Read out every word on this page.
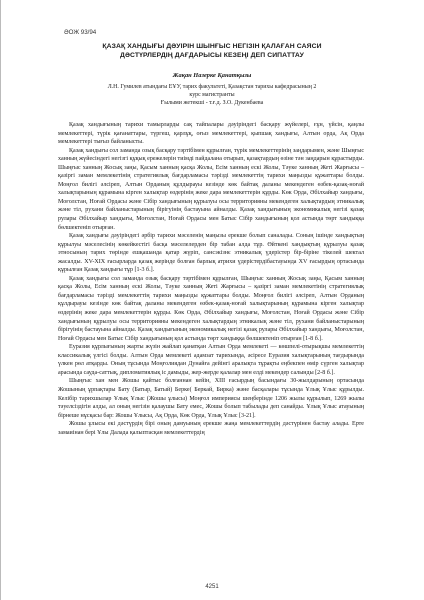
ӘОЖ 93/94
ҚАЗАҚ ХАНДЫҒЫ ДӘУІРІН ШЫНҒЫС НЕГІЗІН ҚАЛАҒАН САЯСИ
ДӘСТҮРЛЕРДІҢ ДАҒДАРЫСЫ КЕЗЕҢІ ДЕП СИПАТТАУ
Жақан Назерке Қанатқызы
Л.Н. Гумилев атындағы ЕҰУ, тарих факультеті, Қазақстан тарихы кафедрасының 2
курс магистранты
Ғылыми жетекші - т.ғ.д. З.О. Дукенбаева

Қазақ хандығының тарихи тамырларды сақ тайпалары дәуіріндегі басқару жүйелері, ғұн, үйсін, қаңлы мемлекеттері, түрік қағанаттары, түргеш, қарлұқ, оғыз мемлекеттері, қыпшақ хандығы, Алтын орда, Ақ Орда мемлекеттері тығыз байланысты.

Қазақ хандығы сол заманда озық басқару тәртібімен құрылған, түрік мемлекеттерінің заңдарымен, және Шыңғыс ханның жүйесіндегі негізгі құқық ережелерін тиімді пайдалана отырып, қазақтардың өзіне тән заңдарын құрастырды. Шыңғыс ханның Жосық заңы, Қасым ханның қасқа Жолы, Есім ханның ескі Жолы, Тәуке ханның Жеті Жарғысы – қазіргі заман мемлекетінің стратегиялық бағдарламасы тәрізді мемлекеттің тарихи маңызды құжаттары болды. Моңғол билігі әлсіреп, Алтын Орданың құлдырауы кезінде көк байтақ даланы мекендеген өзбек-қазақ-ноғай халықтарының құрамына кірген халықтар өздерінің жеке дара мемлекеттерін құрды. Көк Орда, Әбілхайыр хандығы, Моғолстан, Ноғай Ордасы және Сібір хандығының құрылуы осы территорияны мекендеген халықтардың этникалық және тіл, рухани байланыстарының бірігуінің бастауына айналды. Қазақ хандығының экономикалық негізі қазақ рулары Әбілхайыр хандығы, Моғолстан, Ноғай Ордасы мен Батыс Сібір хандығының қол астында төрт хандыққа бөлшектеніп отырған.

Қазақ хандығы дәуіріндегі әрбір тарихи мәселенің маңызы ерекше болып саналады. Соның ішінде хандықтың құрылуы мәселесінің көкейкестігі басқа мәселелерден бір табан алда тұр. Өйткені хандықтың құрылуы қазақ этносының тарих төрінде ешқашанда қатар жүріп, сансэкізнє этникалық үдерістер бір-бірінe тікелей шектал жасалды. ХV-ХІХ ғасырларда қазақ жеріндe болған барлық атрихи үдерістердібастауында ХV ғасырдың ортасында құрылған Қазақ хандығы тұр [1-3 б.].

Қазақ хандығы сол заманда озық басқару тәртібімен құрылған, Шыңғыс ханның Жосық заңы, Қасым ханның қасқа Жолы, Есім ханның ескі Жолы, Тәуке ханның Жеті Жарғысы – қазіргі заман мемлекетінің стратегиялық бағдарламасы тәрізді мемлекеттің тарихи маңызды құжаттары болды. Моңғол билігі әлсіреп, Алтын Орданың құлдырауы кезінде көк байтақ даланы мекендеген өзбек-қазақ-ноғай халықтарының құрамына кірген халықтар өздерінің жеке дара мемлекеттерін құрды. Көк Орда, Әбілхайыр хандығы, Моғолстан, Ноғай Ордасы және Сібір хандығының құрылуы осы территорияны мекендеген халықтардың этникалық және тіл, рухани байланыстарының бірігуінің бастауына айналды. Қазақ хандығының экономикалық негізі қазақ рулары Әбілхайыр хандығы, Моғолстан, Ноғай Ордасы мен Батыс Сібір хандығының қол астында төрт хандыққа бөлшектеніп отырған [1-8 б.].

Еуразия құрлығының жарты жүзін жайлап қанатқан Алтын Орда мемлекеті — көшпелі-отырықшы мемлекеттің классикалық үлгісі болды. Алтын Орда мемлекеті адамзат тарихында, әсіресе Еуразия халықтарының тағдырында үлкен рөл атқарды. Оның тұсында Моңғолиядан Дунайға дейінгі аралықта тұрақты еңбекпен өмір сүрген халықтар арасында сауда-саттық, дипломатиялық іс дамыды, жер-жерде қалалар мен елді мекендер салынды [2-8 б.].

Шыңғыс хан мен Жошы қайтыс болғаннан кейін, ХІІІ ғасырдың басындағы 30-жылдарының ортасында Жошының ұрпақтары Бату (Батыр, Батый) Берке( Беркай, Бирка) және басқалары тұсында Ұлық Ұлыс құрылды. Келібір тарихшылар Ұлық Ұлыс (Жошы ұлысы) Моңғол империясы шеңберінде 1206 жылы құрылып, 1269 жылы тәуелсіздігін алды, ал оның негізін қалаушы Бату емес, Жошы болып табылады деп санайды. Ұлық Ұлыс атауының бірнеше нұсқасы бар: Жошы Ұлысы, Ақ Орда, Көк Орда, Ұлық Ұлыс [3-21].

Жошы ұлысы екі дәстүрдің бірі оның дамуының ерекше жаңа мемлекеттердің дәстүрінен бастау алады. Ерте замаиінан бері Ұлы Далада қалыптасқан мемлекеттердің

4251
